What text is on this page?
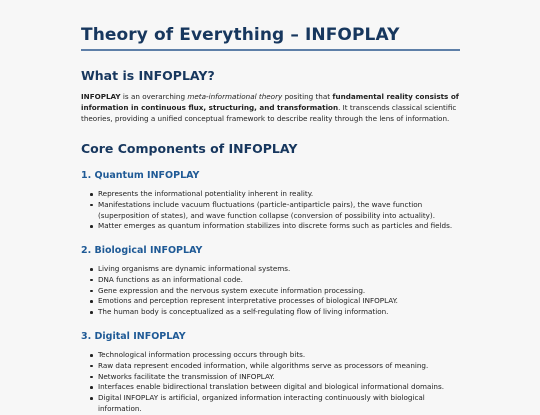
Theory of Everything – INFOPLAY
What is INFOPLAY?

INFOPLAY is an overarching meta-informational theory positing that fundamental reality consists of information in continuous flux, structuring, and transformation. It transcends classical scientific theories, providing a unified conceptual framework to describe reality through the lens of information.

Core Components of INFOPLAY
1. Quantum INFOPLAY
Represents the informational potentiality inherent in reality.
Manifestations include vacuum fluctuations (particle-antiparticle pairs), the wave function (superposition of states), and wave function collapse (conversion of possibility into actuality).
Matter emerges as quantum information stabilizes into discrete forms such as particles and fields.
2. Biological INFOPLAY
Living organisms are dynamic informational systems.
DNA functions as an informational code.
Gene expression and the nervous system execute information processing.
Emotions and perception represent interpretative processes of biological INFOPLAY.
The human body is conceptualized as a self-regulating flow of living information.
3. Digital INFOPLAY
Technological information processing occurs through bits.
Raw data represent encoded information, while algorithms serve as processors of meaning.
Networks facilitate the transmission of INFOPLAY.
Interfaces enable bidirectional translation between digital and biological informational domains.
Digital INFOPLAY is artificial, organized information interacting continuously with biological information.
